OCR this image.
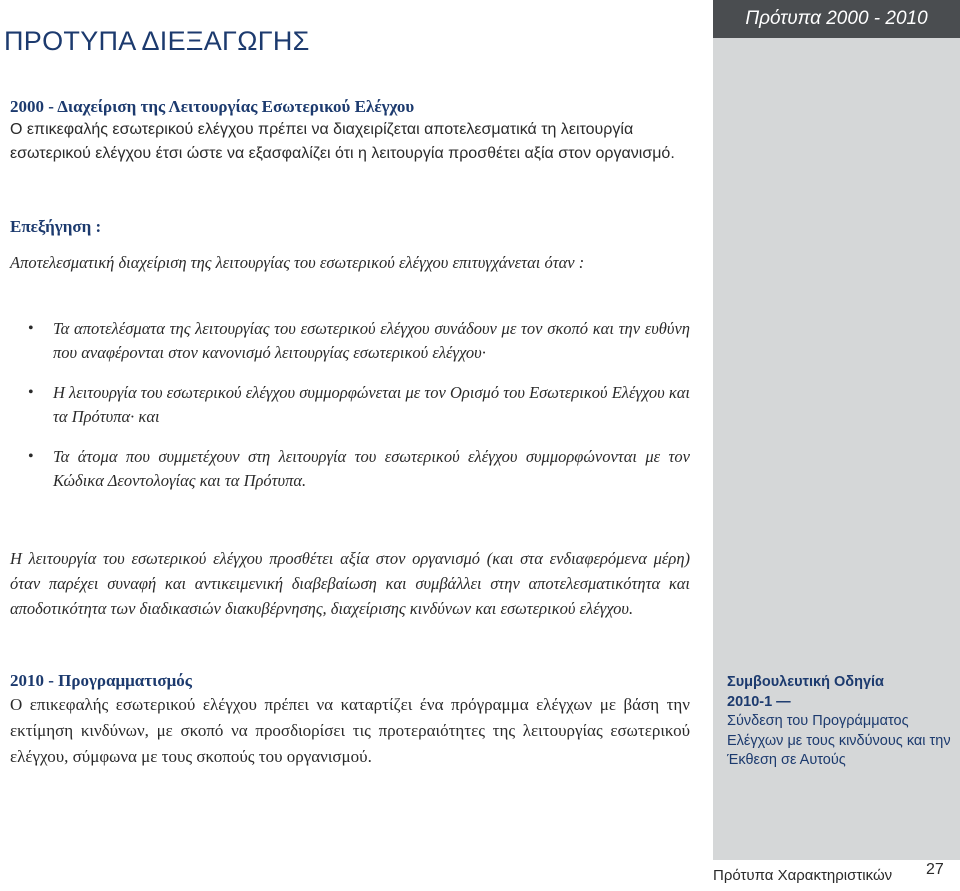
Πρότυπα 2000 - 2010
ΠΡΟΤΥΠΑ ΔΙΕΞΑΓΩΓΗΣ

2000 - Διαχείριση της Λειτουργίας Εσωτερικού Ελέγχου

Ο επικεφαλής εσωτερικού ελέγχου πρέπει να διαχειρίζεται αποτελεσματικά τη λειτουργία εσωτερικού ελέγχου έτσι ώστε να εξασφαλίζει ότι η λειτουργία προσθέτει αξία στον οργανισμό.

Επεξήγηση :

Αποτελεσματική διαχείριση της λειτουργίας του εσωτερικού ελέγχου επιτυγχάνεται όταν :

• Τα αποτελέσματα της λειτουργίας του εσωτερικού ελέγχου συνάδουν με τον σκοπό και την ευθύνη που αναφέρονται στον κανονισμό λειτουργίας εσωτερικού ελέγχου·

• Η λειτουργία του εσωτερικού ελέγχου συμμορφώνεται με τον Ορισμό του Εσωτερικού Ελέγχου και τα Πρότυπα· και

• Τα άτομα που συμμετέχουν στη λειτουργία του εσωτερικού ελέγχου συμμορφώνονται με τον Κώδικα Δεοντολογίας και τα Πρότυπα.

Η λειτουργία του εσωτερικού ελέγχου προσθέτει αξία στον οργανισμό (και στα ενδιαφερόμενα μέρη) όταν παρέχει συναφή και αντικειμενική διαβεβαίωση και συμβάλλει στην αποτελεσματικότητα και αποδοτικότητα των διαδικασιών διακυβέρνησης, διαχείρισης κινδύνων και εσωτερικού ελέγχου.

2010 - Προγραμματισμός

Ο επικεφαλής εσωτερικού ελέγχου πρέπει να καταρτίζει ένα πρόγραμμα ελέγχων με βάση την εκτίμηση κινδύνων, με σκοπό να προσδιορίσει τις προτεραιότητες της λειτουργίας εσωτερικού ελέγχου, σύμφωνα με τους σκοπούς του οργανισμού.

Συμβουλευτική Οδηγία
2010-1 —
Σύνδεση του Προγράμματος Ελέγχων με τους κινδύνους και την Έκθεση σε Αυτούς
Πρότυπα Χαρακτηριστικών 27
